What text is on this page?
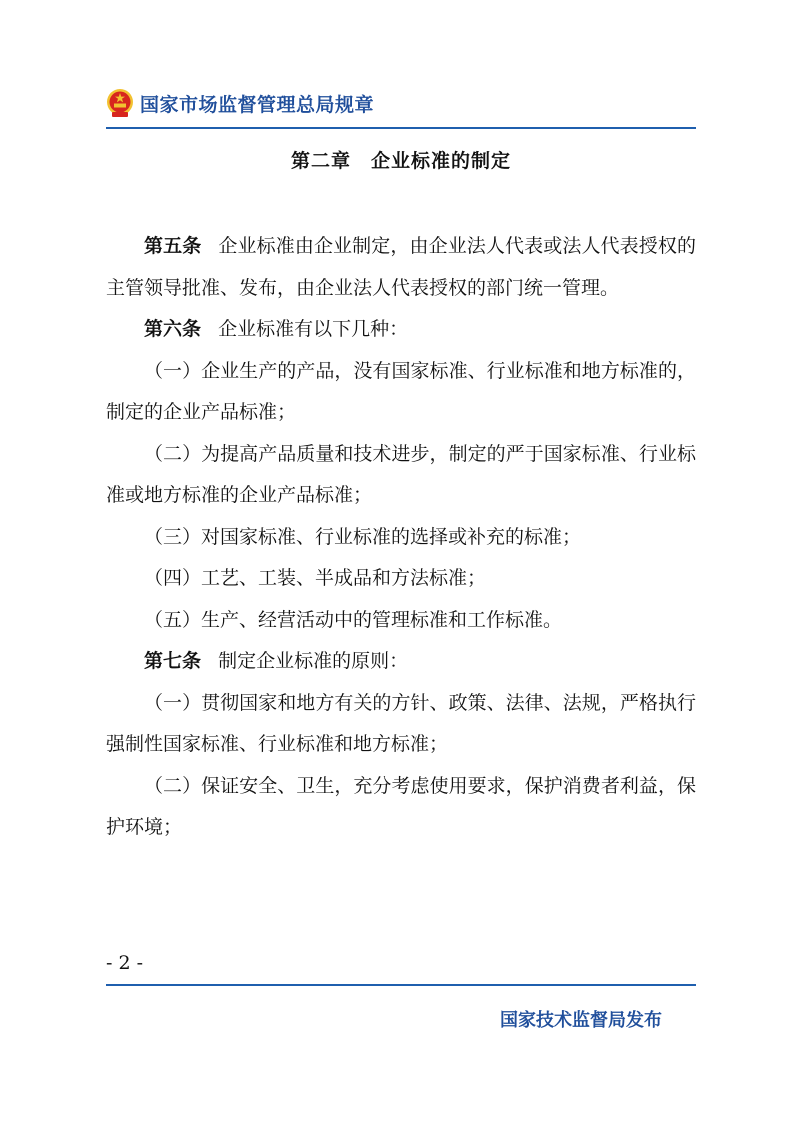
国家市场监督管理总局规章
第二章　企业标准的制定

第五条 企业标准由企业制定，由企业法人代表或法人代表授权的主管领导批准、发布，由企业法人代表授权的部门统一管理。

第六条 企业标准有以下几种：

（一）企业生产的产品，没有国家标准、行业标准和地方标准的，制定的企业产品标准；

（二）为提高产品质量和技术进步，制定的严于国家标准、行业标准或地方标准的企业产品标准；

（三）对国家标准、行业标准的选择或补充的标准；

（四）工艺、工装、半成品和方法标准；

（五）生产、经营活动中的管理标准和工作标准。

第七条 制定企业标准的原则：

（一）贯彻国家和地方有关的方针、政策、法律、法规，严格执行强制性国家标准、行业标准和地方标准；

（二）保证安全、卫生，充分考虑使用要求，保护消费者利益，保护环境；

- 2 -
国家技术监督局发布
